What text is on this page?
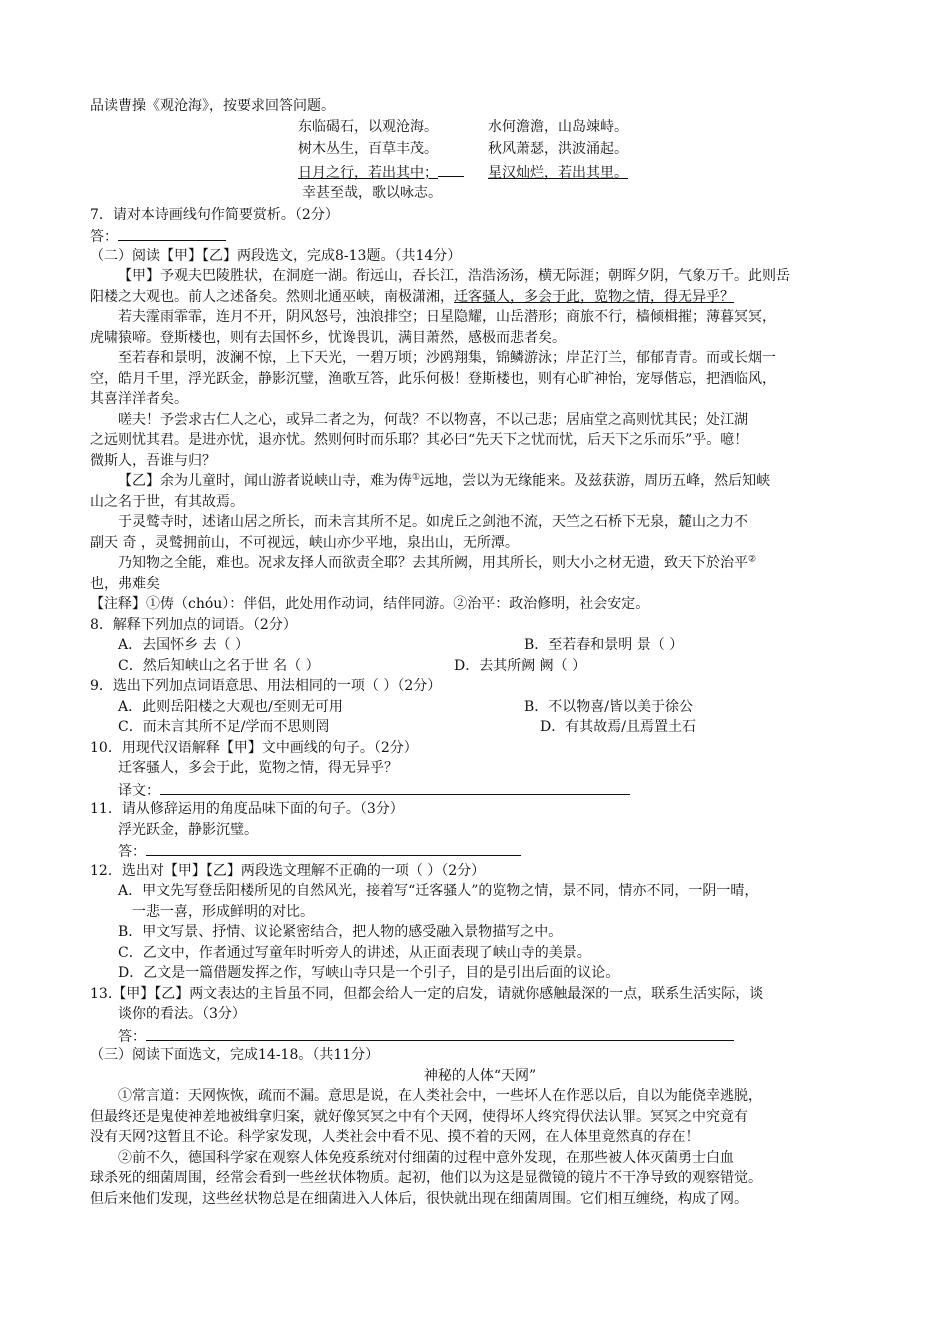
品读曹操《观沧海》，按要求回答问题。
东临碣石，以观沧海。	水何澹澹，山岛竦峙。
树木丛生，百草丰茂。	秋风萧瑟，洪波涌起。
日月之行，若出其中；	星汉灿烂，若出其里。
幸甚至哉，歌以咏志。
7．请对本诗画线句作简要赏析。（2分）
答：
（二）阅读【甲】【乙】两段选文，完成8-13题。（共14分）
【甲】予观夫巴陵胜状，在洞庭一湖。衔远山，吞长江，浩浩汤汤，横无际涯；朝晖夕阴，气象万千。此则岳
阳楼之大观也。前人之述备矣。然则北通巫峡，南极潇湘，迁客骚人，多会于此，览物之情，得无异乎？
若夫霪雨霏霏，连月不开，阴风怒号，浊浪排空；日星隐耀，山岳潜形；商旅不行，樯倾楫摧；薄暮冥冥，
虎啸猿啼。登斯楼也，则有去国怀乡，忧谗畏讥，满目萧然，感极而悲者矣。
至若春和景明，波澜不惊，上下天光，一碧万顷；沙鸥翔集，锦鳞游泳；岸芷汀兰，郁郁青青。而或长烟一
空，皓月千里，浮光跃金，静影沉璧，渔歌互答，此乐何极！登斯楼也，则有心旷神怡，宠辱偕忘，把酒临风，
其喜洋洋者矣。
嗟夫！予尝求古仁人之心，或异二者之为，何哉？不以物喜，不以己悲；居庙堂之高则忧其民；处江湖
之远则忧其君。是进亦忧，退亦忧。然则何时而乐耶？其必曰“先天下之忧而忧，后天下之乐而乐”乎。噫！
微斯人，吾谁与归？
【乙】余为儿童时，闻山游者说峡山寺，难为俦①远地，尝以为无缘能来。及兹获游，周历五峰，然后知峡
山之名于世，有其故焉。
于灵鹫寺时，述诸山居之所长，而未言其所不足。如虎丘之剑池不流，天竺之石桥下无泉，麓山之力不
副天 奇 ，灵鹫拥前山，不可视远，峡山亦少平地，泉出山，无所潭。
乃知物之全能，难也。况求友择人而欲责全耶？去其所阙，用其所长，则大小之材无遗，致天下於治平②
也，弗难矣
【注释】①俦（chóu）：伴侣，此处用作动词，结伴同游。②治平：政治修明，社会安定。
8．解释下列加点的词语。（2分）
A．去国怀乡 去（ ）	B．至若春和景明 景（ ）
C．然后知峡山之名于世 名（ ）	D．去其所阙 阙（ ）
9．选出下列加点词语意思、用法相同的一项（ ）（2分）
A．此则岳阳楼之大观也/至则无可用	B．不以物喜/皆以美于徐公
C．而未言其所不足/学而不思则罔	D．有其故焉/且焉置土石
10．用现代汉语解释【甲】文中画线的句子。（2分）
迁客骚人，多会于此，览物之情，得无异乎？
译文：
11．请从修辞运用的角度品味下面的句子。（3分）
浮光跃金，静影沉璧。
答：
12．选出对【甲】【乙】两段选文理解不正确的一项（ ）（2分）
A．甲文先写登岳阳楼所见的自然风光，接着写“迁客骚人”的览物之情，景不同，情亦不同，一阴一晴，
一悲一喜，形成鲜明的对比。
B．甲文写景、抒情、议论紧密结合，把人物的感受融入景物描写之中。
C．乙文中，作者通过写童年时听旁人的讲述，从正面表现了峡山寺的美景。
D．乙文是一篇借题发挥之作，写峡山寺只是一个引子，目的是引出后面的议论。
13.【甲】【乙】两文表达的主旨虽不同，但都会给人一定的启发，请就你感触最深的一点，联系生活实际，谈
谈你的看法。（3分）
答：
（三）阅读下面选文，完成14-18。（共11分）
神秘的人体“天网”
①常言道：天网恢恢，疏而不漏。意思是说，在人类社会中，一些坏人在作恶以后，自以为能侥幸逃脱，
但最终还是鬼使神差地被缉拿归案，就好像冥冥之中有个天网，使得坏人终究得伏法认罪。冥冥之中究竟有
没有天网?这暂且不论。科学家发现，人类社会中看不见、摸不着的天网，在人体里竟然真的存在！
②前不久，德国科学家在观察人体免疫系统对付细菌的过程中意外发现，在那些被人体灭菌勇士白血
球杀死的细菌周围，经常会看到一些丝状体物质。起初，他们以为这是显微镜的镜片不干净导致的观察错觉。
但后来他们发现，这些丝状物总是在细菌进入人体后，很快就出现在细菌周围。它们相互缠绕，构成了网。
